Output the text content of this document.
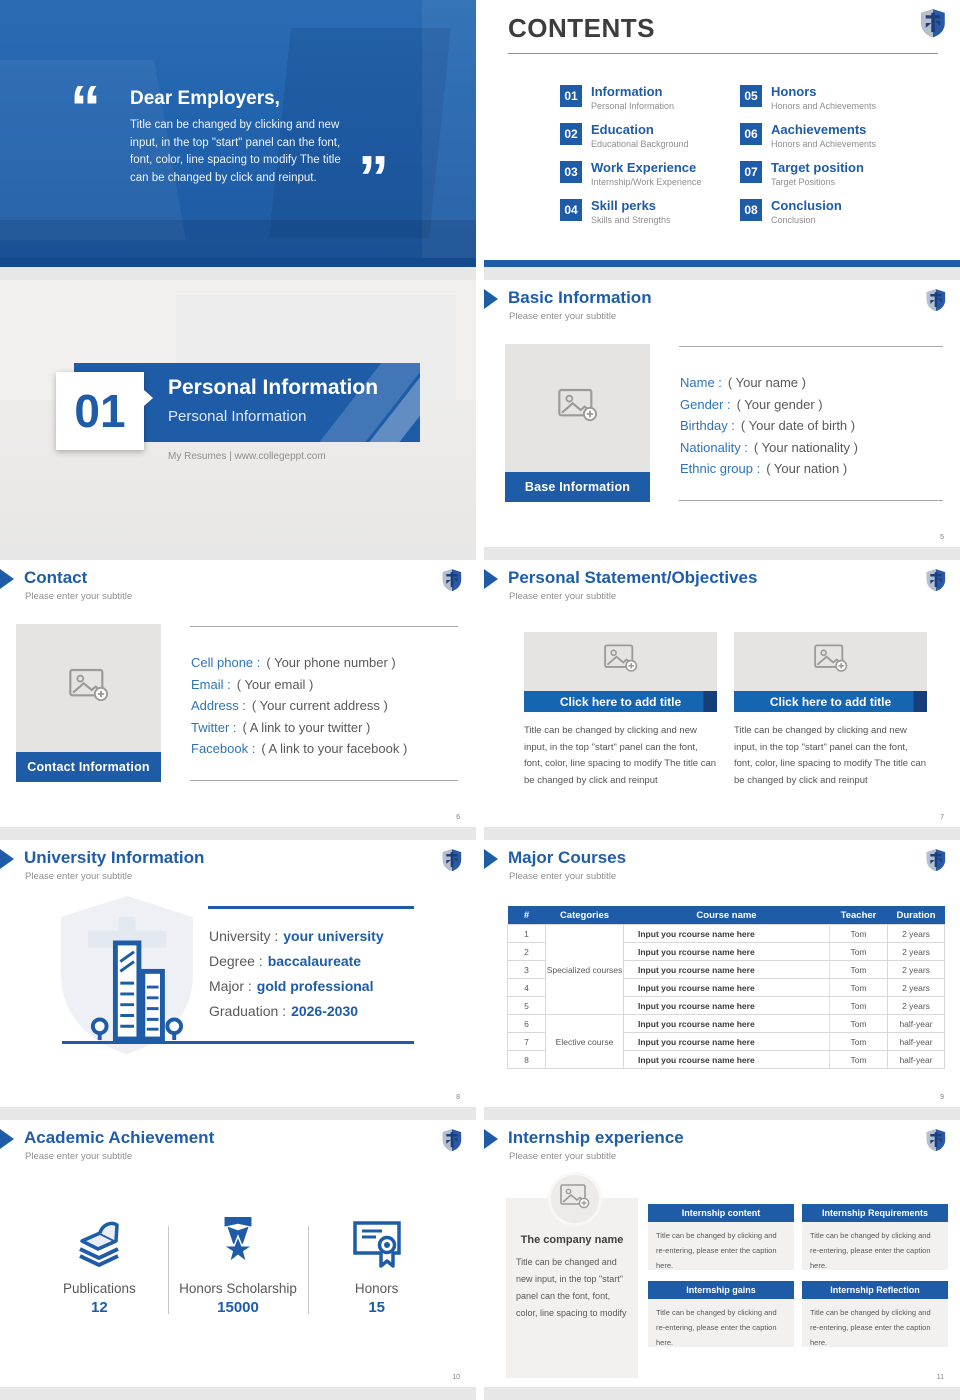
“ Dear Employers,
Title can be changed by clicking and new
input, in the top "start" panel can the font,
font, color, line spacing to modify The title
can be changed by click and reinput. ”
CONTENTS
01	Information
Personal Information
02	Education
Educational Background
03	Work Experience
Internship/Work Experience
04	Skill perks
Skills and Strengths
05	Honors
Honors and Achievements
06	Aachievements
Honors and Achievements
07	Target position
Target Positions
08	Conclusion
Conclusion
01 Personal Information
Personal Information
My Resumes | www.collegeppt.com
Basic Information
Please enter your subtitle
Base Information
Name : ( Your name )
Gender : ( Your gender )
Birthday : ( Your date of birth )
Nationality : ( Your nationality )
Ethnic group : ( Your nation )
5
Contact
Please enter your subtitle
Contact Information
Cell phone : ( Your phone number )
Email : ( Your email )
Address : ( Your current address )
Twitter : ( A link to your twitter )
Facebook : ( A link to your facebook )
6
Personal Statement/Objectives
Please enter your subtitle
Click here to add title
Title can be changed by clicking and new input, in the top "start" panel can the font, font, color, line spacing to modify The title can be changed by click and reinput
Click here to add title
Title can be changed by clicking and new input, in the top "start" panel can the font, font, color, line spacing to modify The title can be changed by click and reinput
7
University Information
Please enter your subtitle
University : your university
Degree : baccalaureate
Major : gold professional
Graduation : 2026-2030
8
Major Courses
Please enter your subtitle
#	Categories	Course name	Teacher	Duration
1	Specialized courses	Input you rcourse name here	Tom	2 years
2		Input you rcourse name here	Tom	2 years
3		Input you rcourse name here	Tom	2 years
4		Input you rcourse name here	Tom	2 years
5		Input you rcourse name here	Tom	2 years
6	Elective course	Input you rcourse name here	Tom	half-year
7		Input you rcourse name here	Tom	half-year
8		Input you rcourse name here	Tom	half-year
9
Academic Achievement
Please enter your subtitle
Publications
12
Honors Scholarship
15000
Honors
15
10
Internship experience
Please enter your subtitle
The company name
Title can be changed and new input, in the top "start" panel can the font, font, color, line spacing to modify
Internship content
Title can be changed by clicking and re-entering, please enter the caption here.
Internship Requirements
Title can be changed by clicking and re-entering, please enter the caption here.
Internship gains
Title can be changed by clicking and re-entering, please enter the caption here.
Internship Reflection
Title can be changed by clicking and re-entering, please enter the caption here.
11
